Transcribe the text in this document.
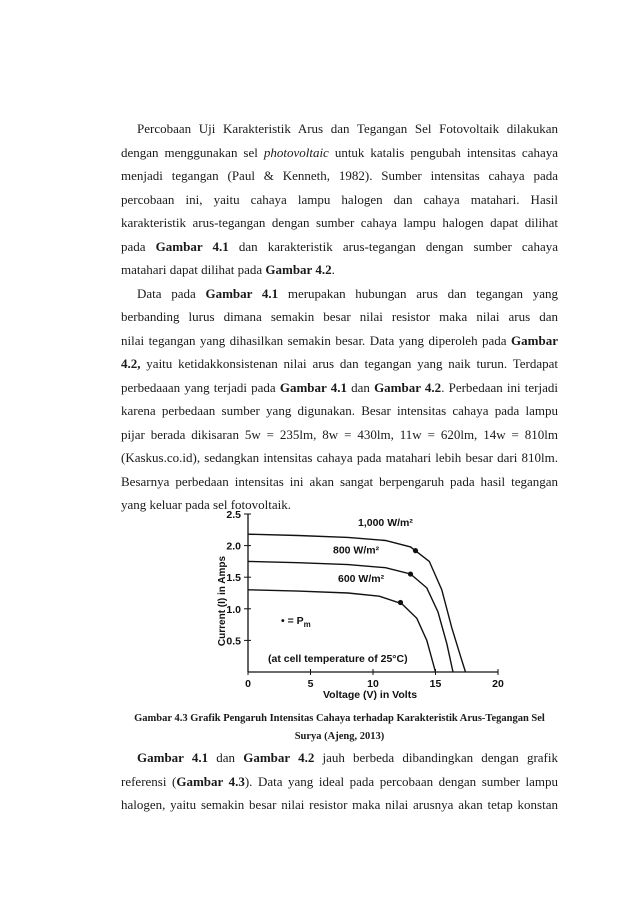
Percobaan Uji Karakteristik Arus dan Tegangan Sel Fotovoltaik dilakukan
dengan menggunakan sel photovoltaic untuk katalis pengubah intensitas cahaya
menjadi tegangan (Paul & Kenneth, 1982). Sumber intensitas cahaya pada
percobaan ini, yaitu cahaya lampu halogen dan cahaya matahari. Hasil
karakteristik arus-tegangan dengan sumber cahaya lampu halogen dapat dilihat
pada Gambar 4.1 dan karakteristik arus-tegangan dengan sumber cahaya
matahari dapat dilihat pada Gambar 4.2.
Data pada Gambar 4.1 merupakan hubungan arus dan tegangan yang
berbanding lurus dimana semakin besar nilai resistor maka nilai arus dan
nilai tegangan yang dihasilkan semakin besar. Data yang diperoleh pada Gambar
4.2, yaitu ketidakkonsistenan nilai arus dan tegangan yang naik turun. Terdapat
perbedaaan yang terjadi pada Gambar 4.1 dan Gambar 4.2. Perbedaan ini terjadi
karena perbedaan sumber yang digunakan. Besar intensitas cahaya pada lampu
pijar berada dikisaran 5w = 235lm, 8w = 430lm, 11w = 620lm, 14w = 810lm
(Kaskus.co.id), sedangkan intensitas cahaya pada matahari lebih besar dari 810lm.
Besarnya perbedaan intensitas ini akan sangat berpengaruh pada hasil tegangan
yang keluar pada sel fotovoltaik.
Current (I) in Amps
Voltage (V) in Volts
(at cell temperature of 25°C)
• = $P_m$
0.5
1.0
1.5
2.0
2.5
0	5	10	15	20
1,000 W/m²
800 W/m²
600 W/m²
Gambar 4.3 Grafik Pengaruh Intensitas Cahaya terhadap Karakteristik Arus-Tegangan Sel
Surya (Ajeng, 2013)
Gambar 4.1 dan Gambar 4.2 jauh berbeda dibandingkan dengan grafik
referensi (Gambar 4.3). Data yang ideal pada percobaan dengan sumber lampu
halogen, yaitu semakin besar nilai resistor maka nilai arusnya akan tetap konstan
